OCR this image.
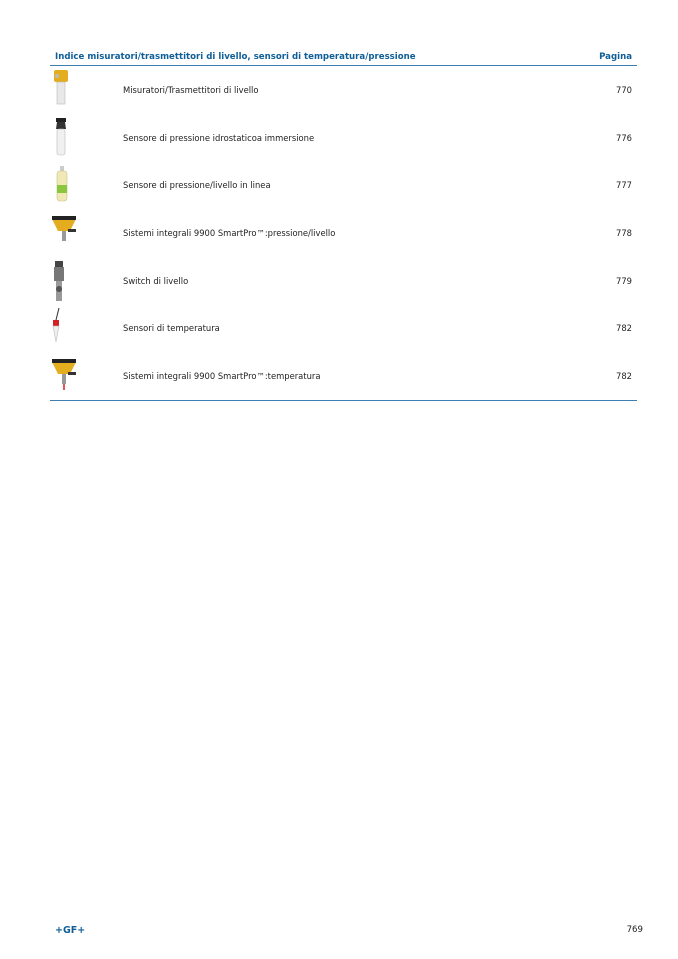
Indice misuratori/trasmettitori di livello, sensori di temperatura/pressione	Pagina
Misuratori/Trasmettitori di livello	770
Sensore di pressione idrostaticoa immersione	776
Sensore di pressione/livello in linea	777
Sistemi integrali 9900 SmartPro™:pressione/livello	778
Switch di livello	779
Sensori di temperatura	782
Sistemi integrali 9900 SmartPro™:temperatura	782
+GF+	769
